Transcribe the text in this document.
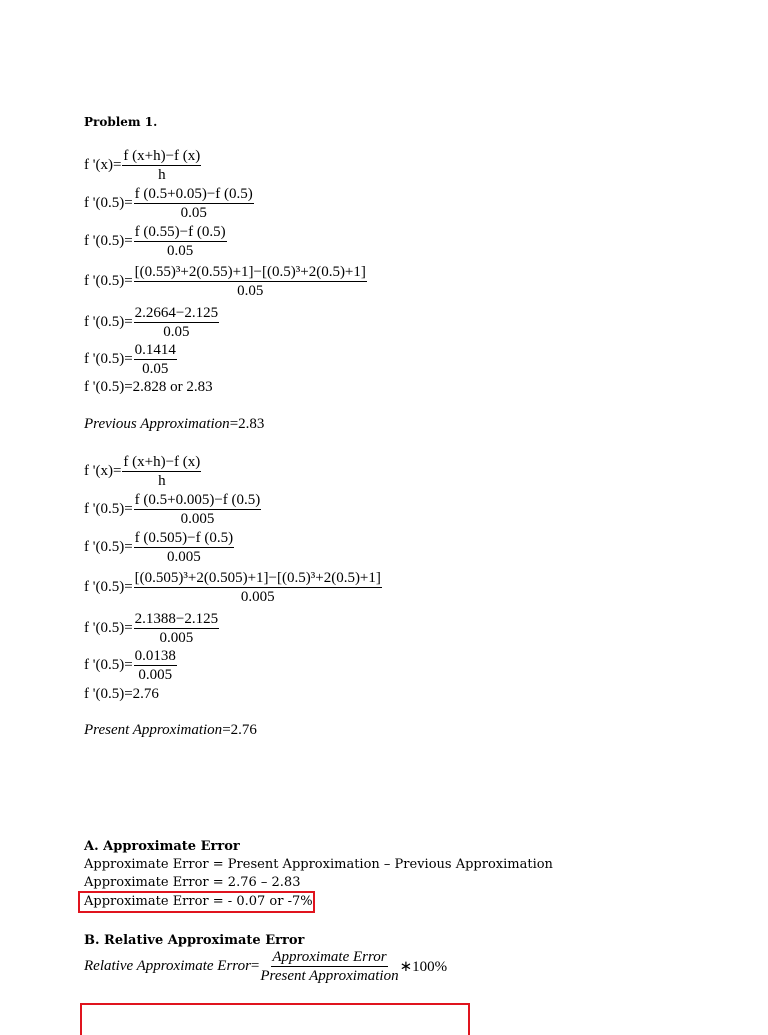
Problem 1.
f '$(x)= \frac{f (x+h)-f (x)}{h}$
f '$(0.5)= \frac{f (0.5+0.05)-f (0.5)}{0.05}$
f '$(0.5)= \frac{f (0.55)-f (0.5)}{0.05}$
f '$(0.5)= \frac{\text{[(0.55)³+2(0.55)+1]−[(0.5)³+2(0.5)+1]}}{0.05}$
f '$(0.5)= \frac{2.2664-2.125}{0.05}$
f '$(0.5)= \frac{0.1414}{0.05}$
f '(0.5)=2.828 or 2.83
Previous Approximation=2.83
f '$(x)= \frac{f (x+h)-f (x)}{h}$
f '$(0.5)= \frac{f (0.5+0.005)-f (0.5)}{0.005}$
f '$(0.5)= \frac{f (0.505)-f (0.5)}{0.005}$
f '$(0.5)= \frac{\text{[(0.505)³+2(0.505)+1]−[(0.5)³+2(0.5)+1]}}{0.005}$
f '$(0.5)= \frac{2.1388-2.125}{0.005}$
f '$(0.5)= \frac{0.0138}{0.005}$
f '(0.5)=2.76
Present Approximation=2.76
A. Approximate Error
Approximate Error = Present Approximation – Previous Approximation
Approximate Error = 2.76 – 2.83
Approximate Error = - 0.07 or -7%
B. Relative Approximate Error
Relative Approximate Error = $\frac{\text{Approximate Error}}{\text{Present Approximation}}$ ∗100%
